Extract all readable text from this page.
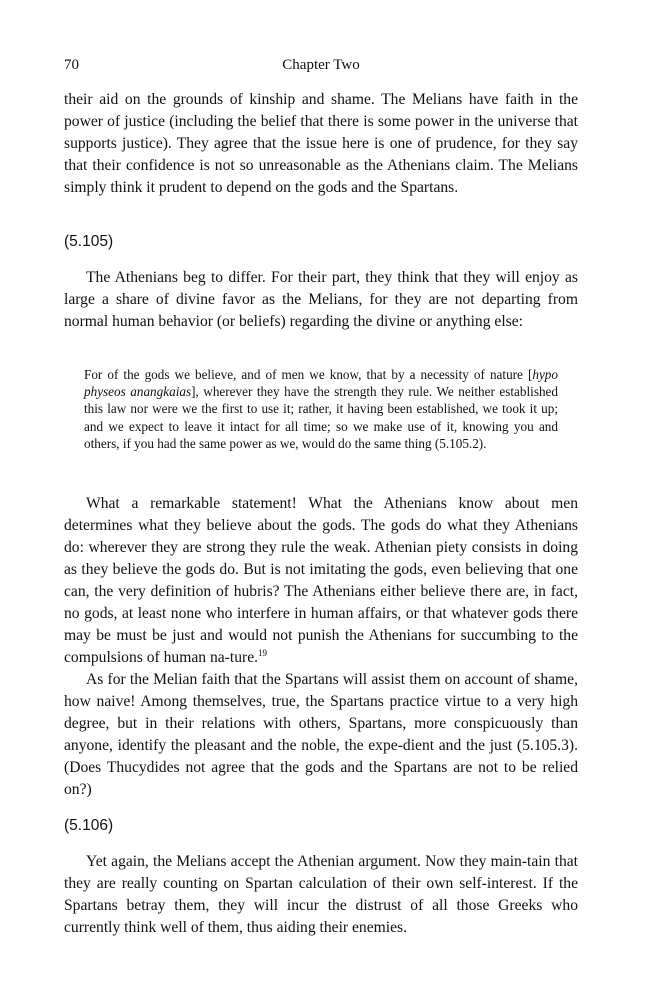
70	Chapter Two

their aid on the grounds of kinship and shame. The Melians have faith in the power of justice (including the belief that there is some power in the universe that supports justice). They agree that the issue here is one of prudence, for they say that their confidence is not so unreasonable as the Athenians claim. The Melians simply think it prudent to depend on the gods and the Spartans.

(5.105)

The Athenians beg to differ. For their part, they think that they will enjoy as large a share of divine favor as the Melians, for they are not departing from normal human behavior (or beliefs) regarding the divine or anything else:

For of the gods we believe, and of men we know, that by a necessity of nature [hypo physeos anangkaias], wherever they have the strength they rule. We neither established this law nor were we the first to use it; rather, it having been established, we took it up; and we expect to leave it intact for all time; so we make use of it, knowing you and others, if you had the same power as we, would do the same thing (5.105.2).

What a remarkable statement! What the Athenians know about men determines what they believe about the gods. The gods do what they Athenians do: wherever they are strong they rule the weak. Athenian piety consists in doing as they believe the gods do. But is not imitating the gods, even believing that one can, the very definition of hubris? The Athenians either believe there are, in fact, no gods, at least none who interfere in human affairs, or that whatever gods there may be must be just and would not punish the Athenians for succumbing to the compulsions of human na-ture.$^{19}$

As for the Melian faith that the Spartans will assist them on account of shame, how naive! Among themselves, true, the Spartans practice virtue to a very high degree, but in their relations with others, Spartans, more conspicuously than anyone, identify the pleasant and the noble, the expe-dient and the just (5.105.3). (Does Thucydides not agree that the gods and the Spartans are not to be relied on?)

(5.106)

Yet again, the Melians accept the Athenian argument. Now they main-tain that they are really counting on Spartan calculation of their own self-interest. If the Spartans betray them, they will incur the distrust of all those Greeks who currently think well of them, thus aiding their enemies.
